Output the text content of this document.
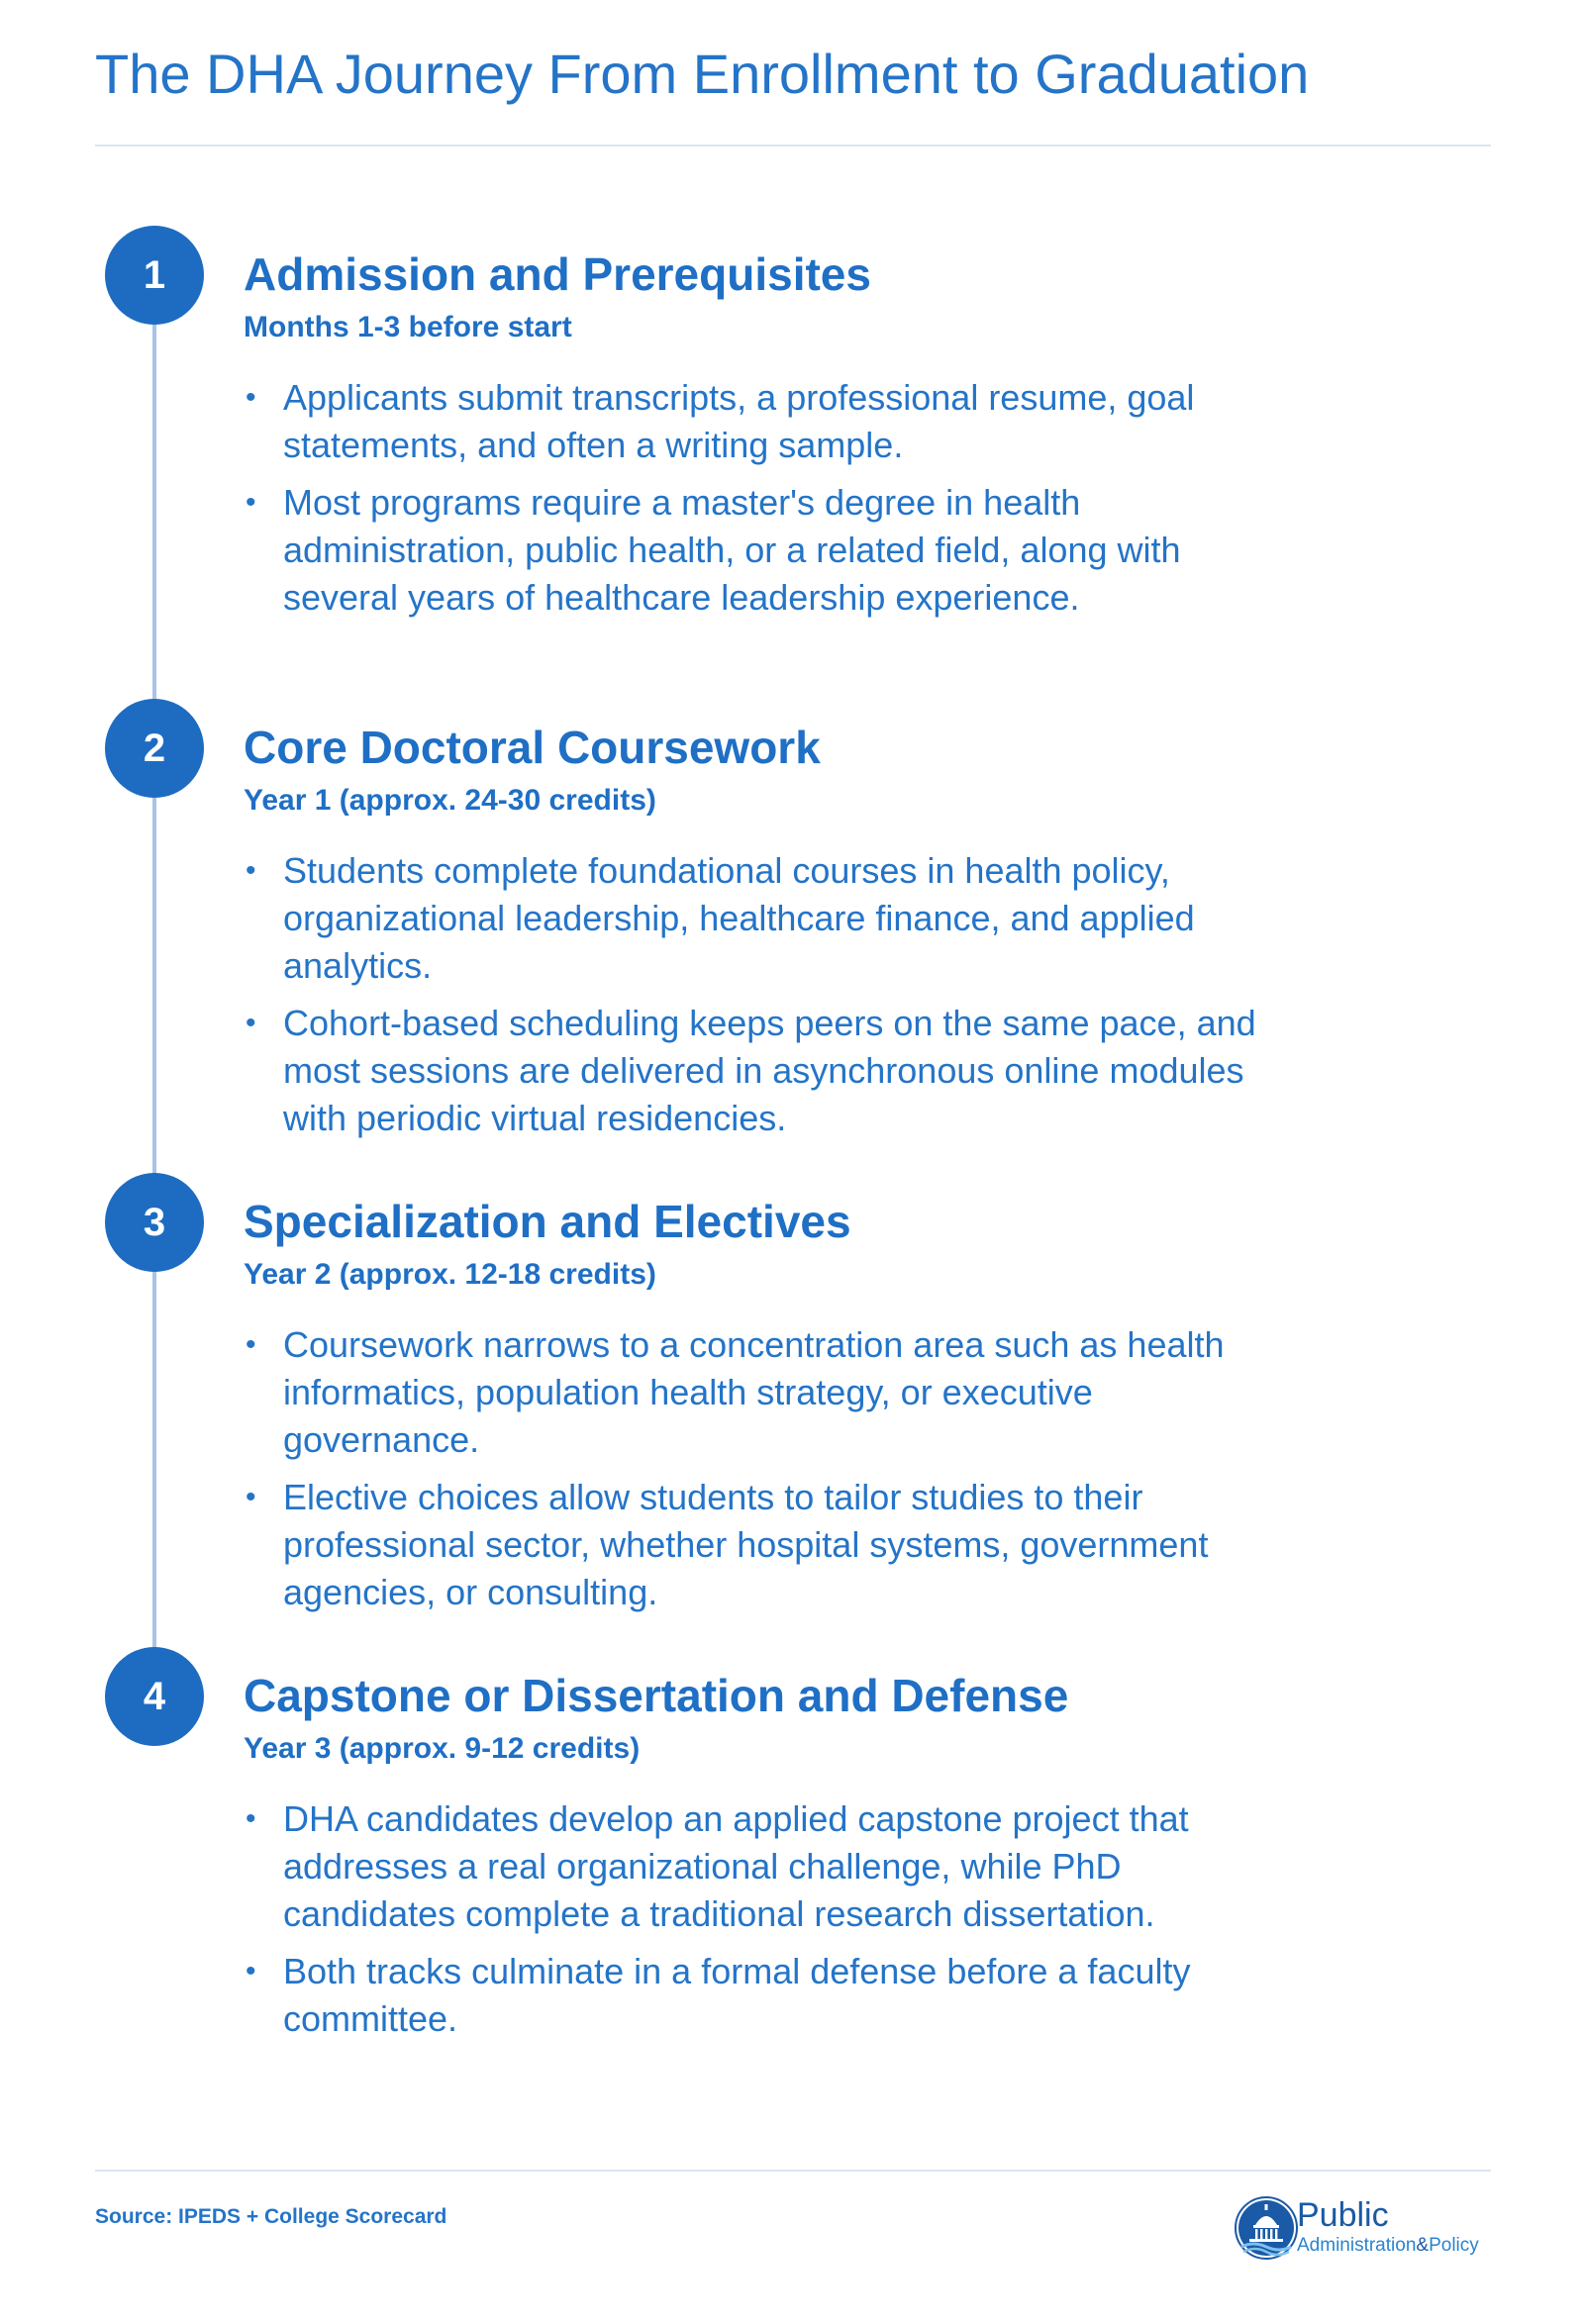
The DHA Journey From Enrollment to Graduation
1	Admission and Prerequisites
Months 1-3 before start
• Applicants submit transcripts, a professional resume, goal statements, and often a writing sample.
• Most programs require a master's degree in health administration, public health, or a related field, along with several years of healthcare leadership experience.
2	Core Doctoral Coursework
Year 1 (approx. 24-30 credits)
• Students complete foundational courses in health policy, organizational leadership, healthcare finance, and applied analytics.
• Cohort-based scheduling keeps peers on the same pace, and most sessions are delivered in asynchronous online modules with periodic virtual residencies.
3	Specialization and Electives
Year 2 (approx. 12-18 credits)
• Coursework narrows to a concentration area such as health informatics, population health strategy, or executive governance.
• Elective choices allow students to tailor studies to their professional sector, whether hospital systems, government agencies, or consulting.
4	Capstone or Dissertation and Defense
Year 3 (approx. 9-12 credits)
• DHA candidates develop an applied capstone project that addresses a real organizational challenge, while PhD candidates complete a traditional research dissertation.
• Both tracks culminate in a formal defense before a faculty committee.
Source: IPEDS + College Scorecard	Public
Administration&Policy
